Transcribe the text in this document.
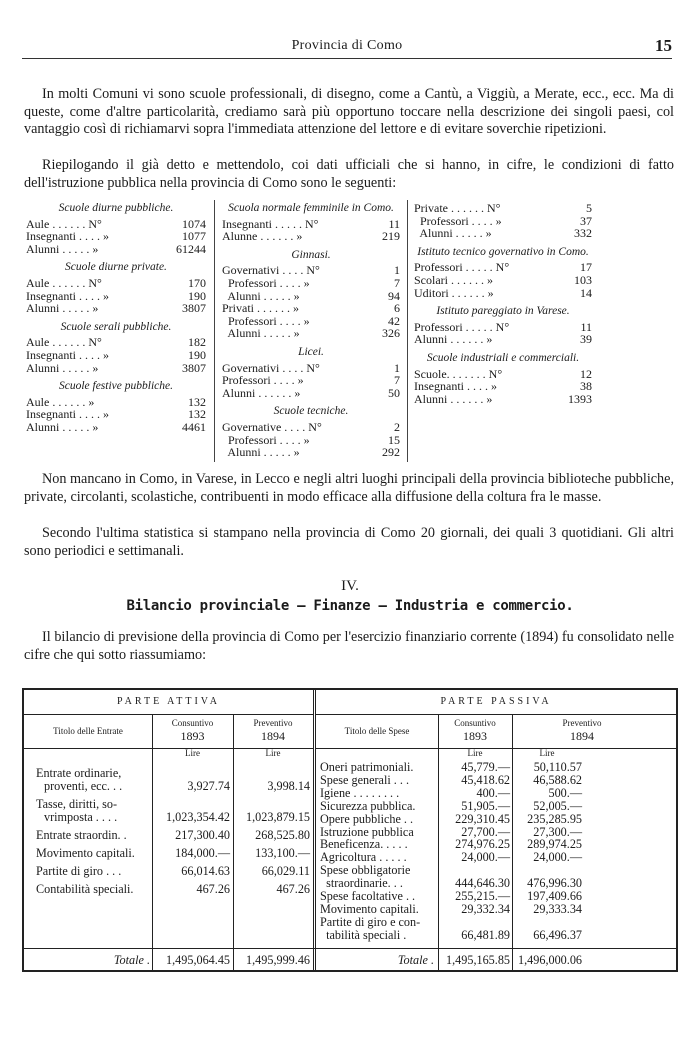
Provincia di Como	15
In molti Comuni vi sono scuole professionali, di disegno, come a Cantù, a Viggiù, a Merate, ecc., ecc. Ma di queste, come d'altre particolarità, crediamo sarà più opportuno toccare nella descrizione dei singoli paesi, col vantaggio così di richiamarvi sopra l'immediata attenzione del lettore e di evitare soverchie ripetizioni.
Riepilogando il già detto e mettendolo, coi dati ufficiali che si hanno, in cifre, le condizioni di fatto dell'istruzione pubblica nella provincia di Como sono le seguenti:
Scuole diurne pubbliche.
Aule . . . . . . N°	1074
Insegnanti . . . . »	1077
Alunni . . . . . »	61244
Scuole diurne private.
Aule . . . . . . N°	170
Insegnanti . . . . »	190
Alunni . . . . . »	3807
Scuole serali pubbliche.
Aule . . . . . . N°	182
Insegnanti . . . . »	190
Alunni . . . . . »	3807
Scuole festive pubbliche.
Aule . . . . . . »	132
Insegnanti . . . . »	132
Alunni . . . . . »	4461
Scuola normale femminile in Como.
Insegnanti . . . . . N°	11
Alunne . . . . . . »	219
Ginnasi.
Governativi . . . . N°	1
Professori . . . . »	7
Alunni . . . . . »	94
Privati . . . . . . »	6
Professori . . . . »	42
Alunni . . . . . »	326
Licei.
Governativi . . . . N°	1
Professori . . . . »	7
Alunni . . . . . . »	50
Scuole tecniche.
Governative . . . . N°	2
Professori . . . . »	15
Alunni . . . . . »	292
Private . . . . . . N°	5
Professori . . . . »	37
Alunni . . . . . »	332
Istituto tecnico governativo in Como.
Professori . . . . . N°	17
Scolari . . . . . . »	103
Uditori . . . . . . »	14
Istituto pareggiato in Varese.
Professori . . . . . N°	11
Alunni . . . . . . »	39
Scuole industriali e commerciali.
Scuole. . . . . . . N°	12
Insegnanti . . . . »	38
Alunni . . . . . . »	1393
Non mancano in Como, in Varese, in Lecco e negli altri luoghi principali della provincia biblioteche pubbliche, private, circolanti, scolastiche, contribuenti in modo efficace alla diffusione della coltura fra le masse.
Secondo l'ultima statistica si stampano nella provincia di Como 20 giornali, dei quali 3 quotidiani. Gli altri sono periodici e settimanali.
IV.
Bilancio provinciale — Finanze — Industria e commercio.
Il bilancio di previsione della provincia di Como per l'esercizio finanziario corrente (1894) fu consolidato nelle cifre che qui sotto riassumiamo:
PARTE ATTIVA	PARTE PASSIVA
Titolo delle Entrate
Consuntivo
1893
Preventivo
1894	Titolo delle Spese
Consuntivo
1893
Preventivo
1894
Lire	Lire	Lire	Lire
Entrate ordinarie,
proventi, ecc. . .	3,927.74	3,998.14
Tasse, diritti, so-
vrimposta . . . .	1,023,354.42	1,023,879.15
Entrate straordin. .	217,300.40	268,525.80
Movimento capitali.	184,000.—	133,100.—
Partite di giro . . .	66,014.63	66,029.11
Contabilità speciali.	467.26	467.26
Oneri patrimoniali.	45,779.—	50,110.57
Spese generali . . .	45,418.62	46,588.62
Igiene . . . . . . . .	400.—	500.—
Sicurezza pubblica.	51,905.—	52,005.—
Opere pubbliche . .	229,310.45	235,285.95
Istruzione pubblica	27,700.—	27,300.—
Beneficenza. . . . .	274,976.25	289,974.25
Agricoltura . . . . .	24,000.—	24,000.—
Spese obbligatorie
straordinarie. . .	444,646.30	476,996.30
Spese facoltative . .	255,215.—	197,409.66
Movimento capitali.	29,332.34	29,333.34
Partite di giro e con-
tabilità speciali .	66,481.89	66,496.37
Totale .	1,495,064.45	1,495,999.46	Totale . 1,495,165.85 1,496,000.06
